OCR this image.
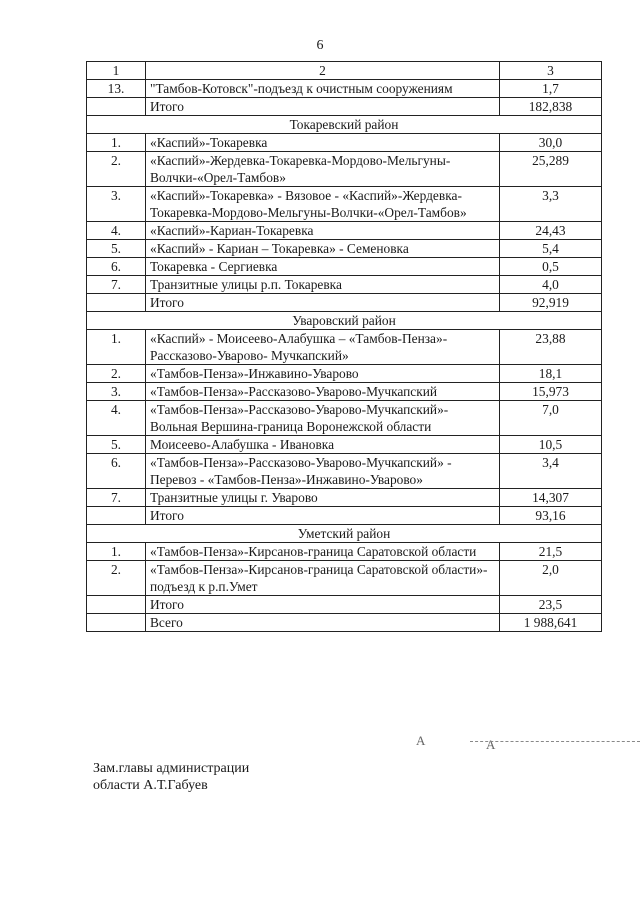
6
1	2	3
13.	"Тамбов-Котовск"-подъезд к очистным сооружениям	1,7
	Итого	182,838
Токаревский район		
1.	«Каспий»-Токаревка	30,0
2.	«Каспий»-Жердевка-Токаревка-Мордово-Мельгуны-Волчки-«Орел-Тамбов»	25,289
3.	«Каспий»-Токаревка» - Вязовое - «Каспий»-Жердевка-Токаревка-Мордово-Мельгуны-Волчки-«Орел-Тамбов»	3,3
4.	«Каспий»-Кариан-Токаревка	24,43
5.	«Каспий» - Кариан – Токаревка» - Семеновка	5,4
6.	Токаревка - Сергиевка	0,5
7.	Транзитные улицы р.п. Токаревка	4,0
	Итого	92,919
Уваровский район		
1.	«Каспий» - Моисеево-Алабушка – «Тамбов-Пенза»-Рассказово-Уварово- Мучкапский»	23,88
2.	«Тамбов-Пенза»-Инжавино-Уварово	18,1
3.	«Тамбов-Пенза»-Рассказово-Уварово-Мучкапский	15,973
4.	«Тамбов-Пенза»-Рассказово-Уварово-Мучкапский»-Вольная Вершина-граница Воронежской области	7,0
5.	Моисеево-Алабушка - Ивановка	10,5
6.	«Тамбов-Пенза»-Рассказово-Уварово-Мучкапский» - Перевоз - «Тамбов-Пенза»-Инжавино-Уварово»	3,4
7.	Транзитные улицы г. Уварово	14,307
	Итого	93,16
Уметский район		
1.	«Тамбов-Пенза»-Кирсанов-граница Саратовской области	21,5
2.	«Тамбов-Пенза»-Кирсанов-граница Саратовской области»-подъезд к р.п.Умет	2,0
	Итого	23,5
	Всего	1 988,641
A	A
Зам.главы администрации
области А.Т.Габуев
